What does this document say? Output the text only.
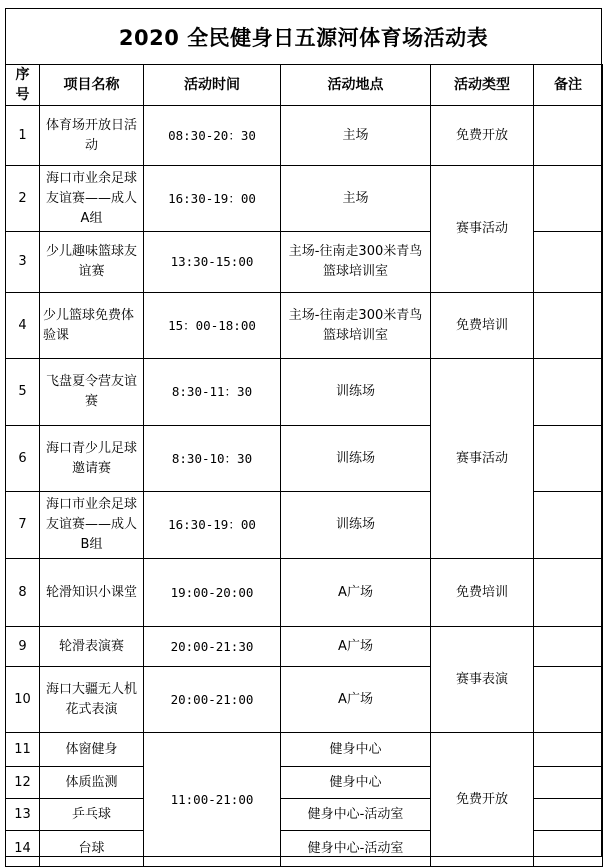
2020 全民健身日五源河体育场活动表
序号	项目名称	活动时间	活动地点	活动类型	备注
1	体育场开放日活动	08:30-20：30	主场	免费开放	
2	海口市业余足球友谊赛——成人A组	16:30-19：00	主场	赛事活动	
3	少儿趣味篮球友谊赛	13:30-15:00	主场-往南走300米青鸟篮球培训室		
4	少儿篮球免费体验课	15：00-18:00	主场-往南走300米青鸟篮球培训室	免费培训	
5	飞盘夏令营友谊赛	8:30-11：30	训练场	赛事活动	
6	海口青少儿足球邀请赛	8:30-10：30	训练场		
7	海口市业余足球友谊赛——成人B组	16:30-19：00	训练场		
8	轮滑知识小课堂	19:00-20:00	A广场	免费培训	
9	轮滑表演赛	20:00-21:30	A广场	赛事表演	
10	海口大疆无人机花式表演	20:00-21:00	A广场		
11	体窗健身	11:00-21:00	健身中心	免费开放	
12	体质监测		健身中心		
13	乒乓球		健身中心-活动室		
14	台球		健身中心-活动室		
